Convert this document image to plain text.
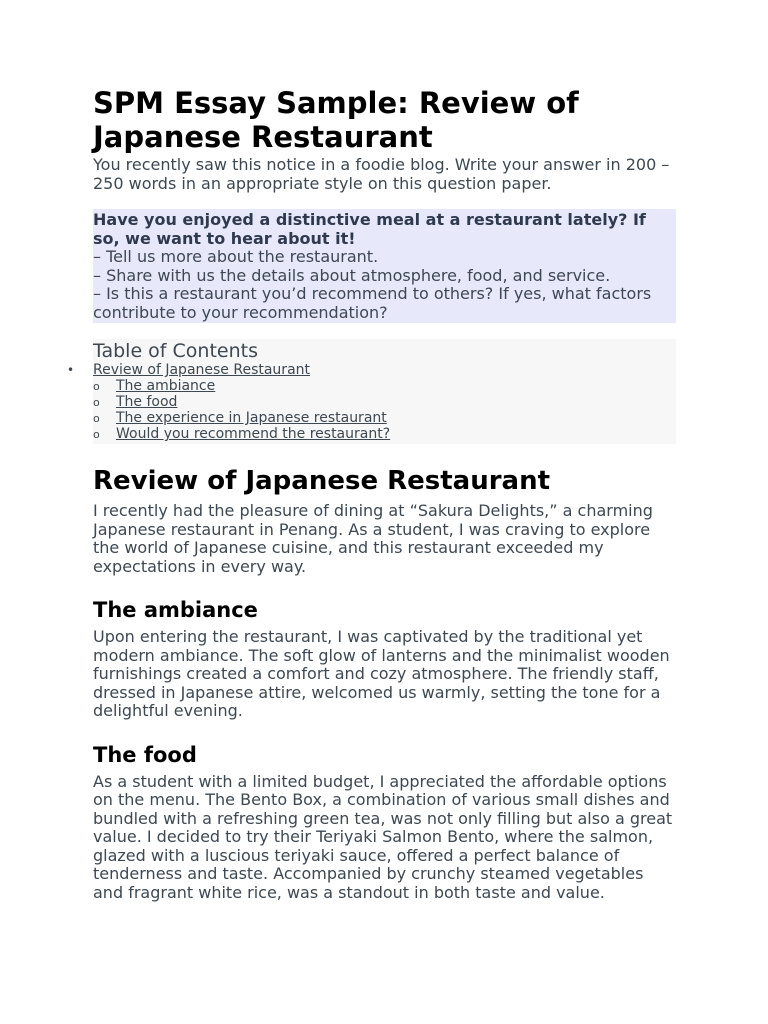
SPM Essay Sample: Review of Japanese Restaurant

You recently saw this notice in a foodie blog. Write your answer in 200 – 250 words in an appropriate style on this question paper.

Have you enjoyed a distinctive meal at a restaurant lately? If so, we want to hear about it!
– Tell us more about the restaurant.
– Share with us the details about atmosphere, food, and service.
– Is this a restaurant you’d recommend to others? If yes, what factors contribute to your recommendation?
Table of Contents
• Review of Japanese Restaurant
o The ambiance
o The food
o The experience in Japanese restaurant
o Would you recommend the restaurant?
Review of Japanese Restaurant

I recently had the pleasure of dining at “Sakura Delights,” a charming Japanese restaurant in Penang. As a student, I was craving to explore the world of Japanese cuisine, and this restaurant exceeded my expectations in every way.

The ambiance

Upon entering the restaurant, I was captivated by the traditional yet modern ambiance. The soft glow of lanterns and the minimalist wooden furnishings created a comfort and cozy atmosphere. The friendly staff, dressed in Japanese attire, welcomed us warmly, setting the tone for a delightful evening.

The food

As a student with a limited budget, I appreciated the affordable options on the menu. The Bento Box, a combination of various small dishes and bundled with a refreshing green tea, was not only filling but also a great value. I decided to try their Teriyaki Salmon Bento, where the salmon, glazed with a luscious teriyaki sauce, offered a perfect balance of tenderness and taste. Accompanied by crunchy steamed vegetables and fragrant white rice, was a standout in both taste and value.
